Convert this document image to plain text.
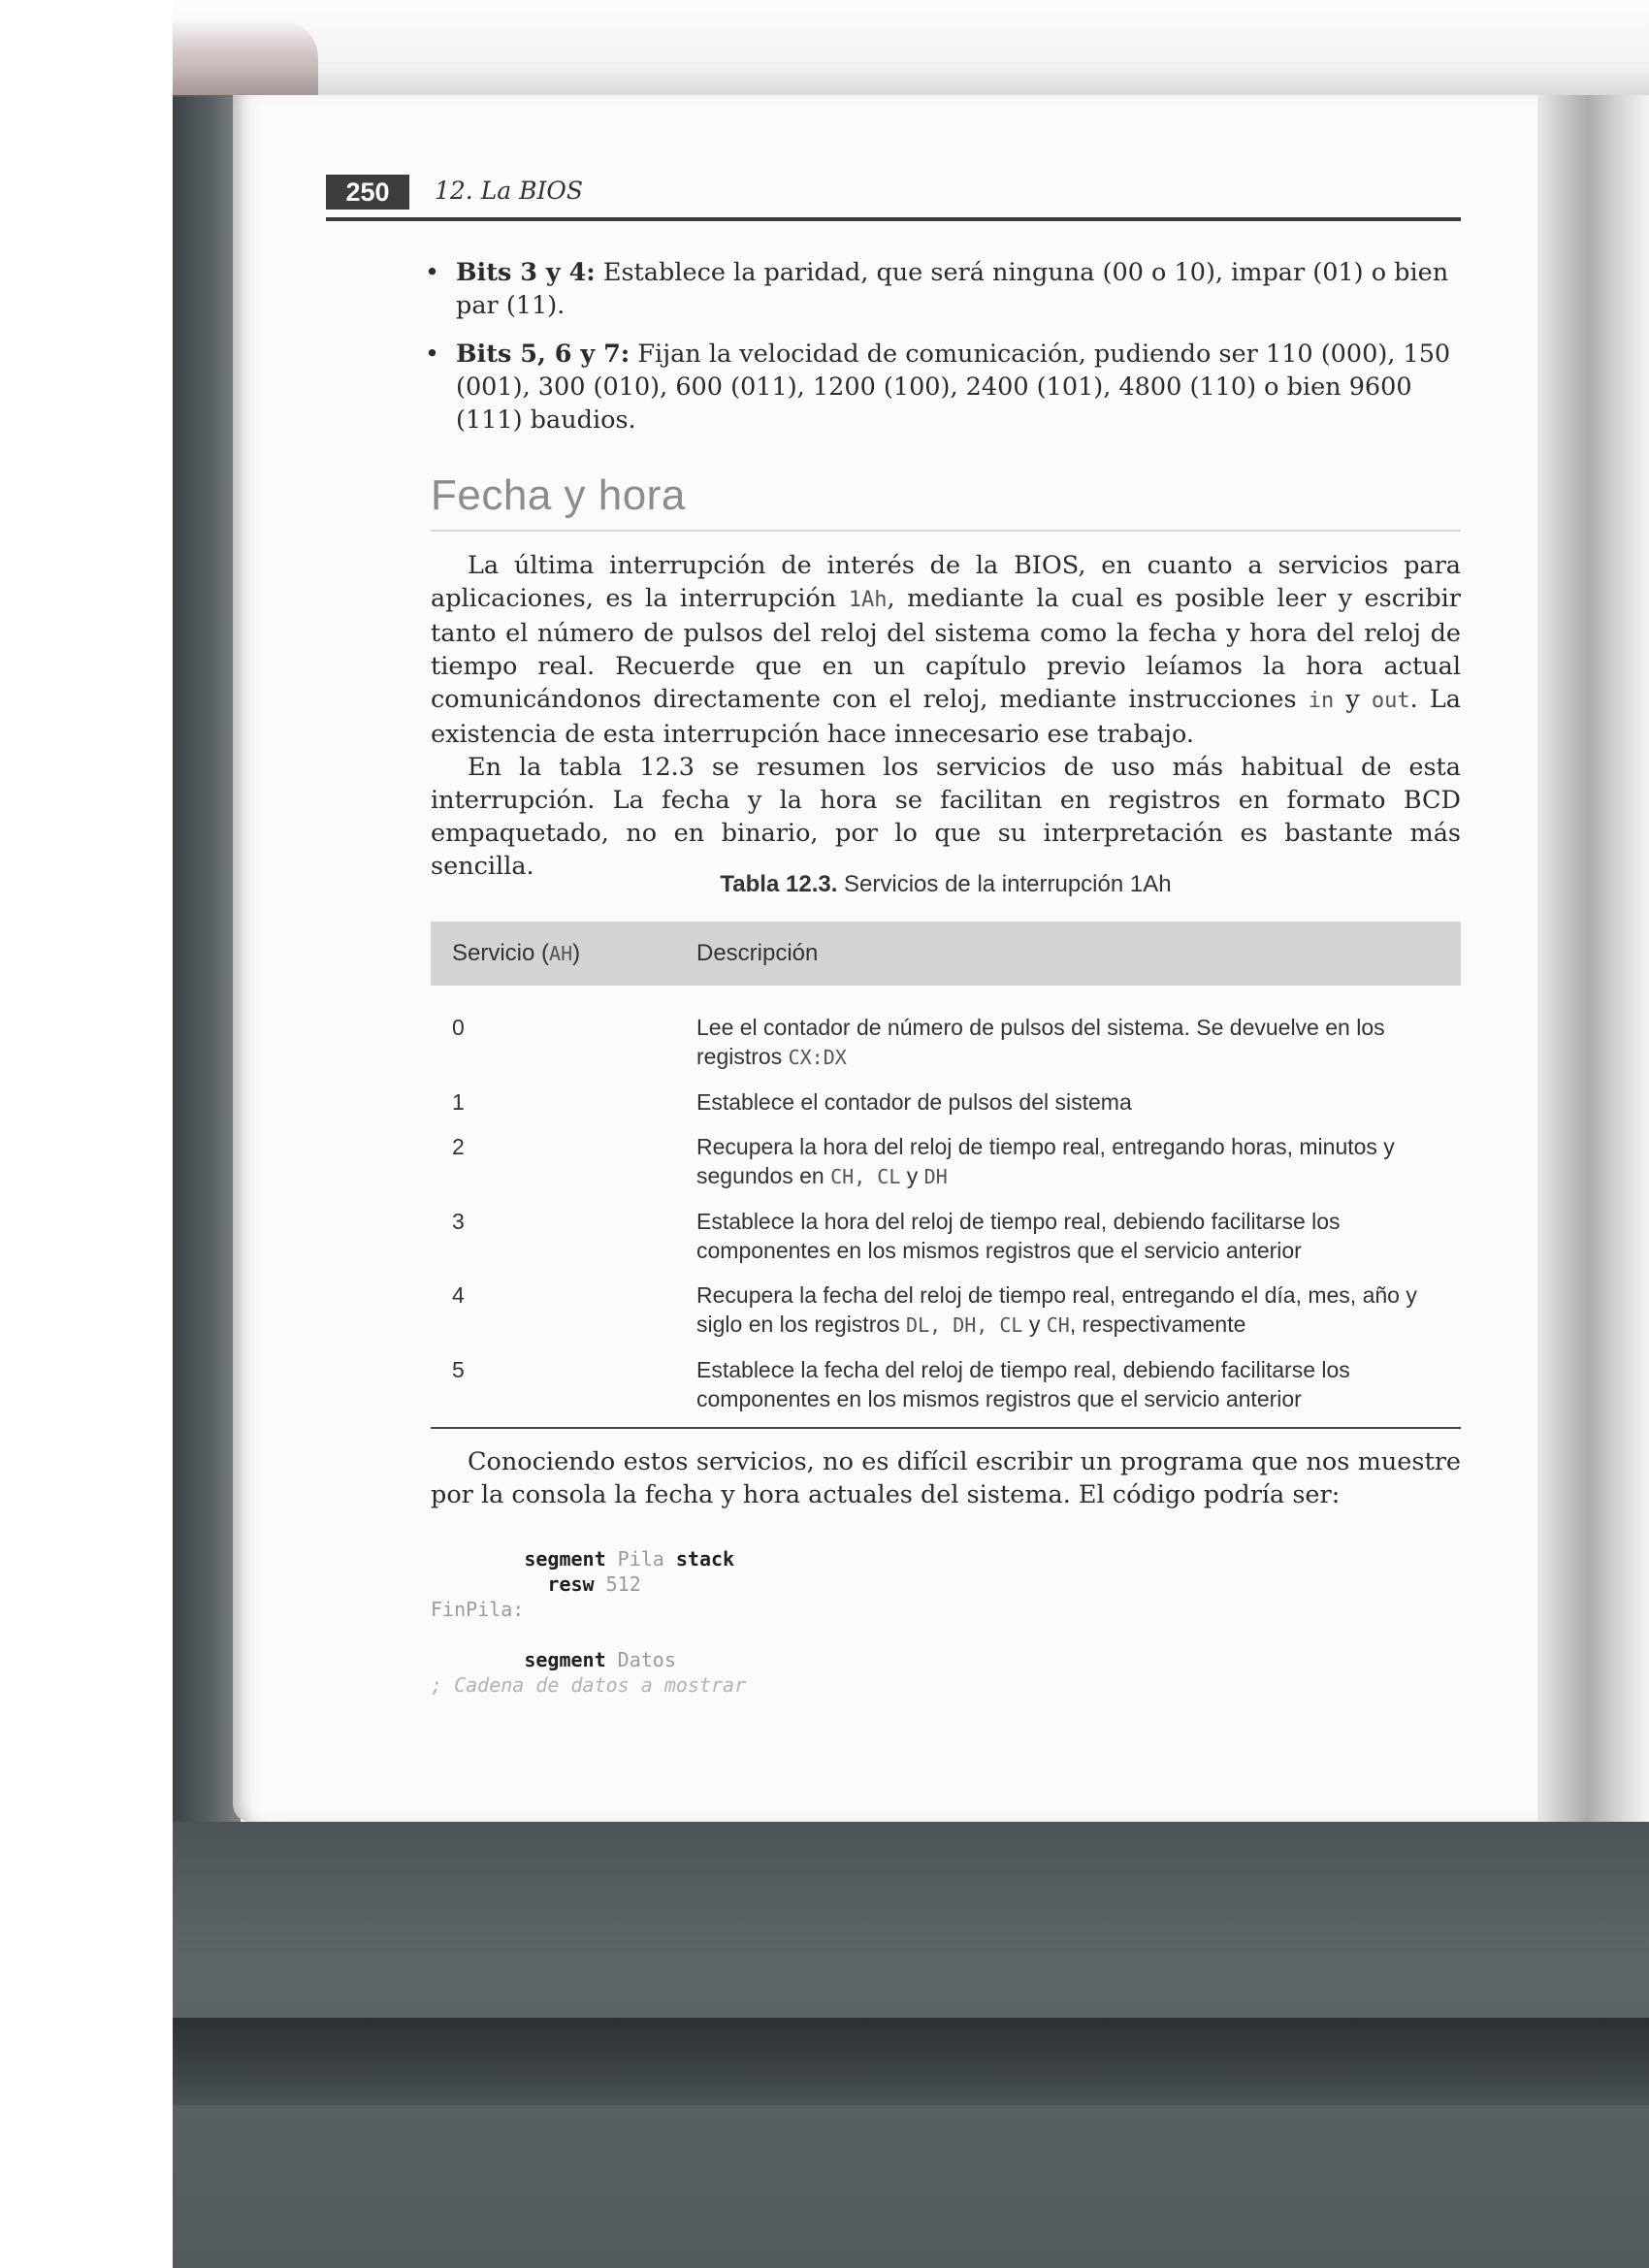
250	12. La BIOS
• Bits 3 y 4: Establece la paridad, que será ninguna (00 o 10), impar (01) o bien par (11).
• Bits 5, 6 y 7: Fijan la velocidad de comunicación, pudiendo ser 110 (000), 150 (001), 300 (010), 600 (011), 1200 (100), 2400 (101), 4800 (110) o bien 9600 (111) baudios.
Fecha y hora

La última interrupción de interés de la BIOS, en cuanto a servicios para aplicaciones, es la interrupción 1Ah, mediante la cual es posible leer y escribir tanto el número de pulsos del reloj del sistema como la fecha y hora del reloj de tiempo real. Recuerde que en un capítulo previo leíamos la hora actual comunicándonos directamente con el reloj, mediante instrucciones in y out. La existencia de esta interrupción hace innecesario ese trabajo.

En la tabla 12.3 se resumen los servicios de uso más habitual de esta interrupción. La fecha y la hora se facilitan en registros en formato BCD empaquetado, no en binario, por lo que su interpretación es bastante más sencilla.

Tabla 12.3. Servicios de la interrupción 1Ah
Servicio (AH)	Descripción
0	Lee el contador de número de pulsos del sistema. Se devuelve en los registros CX:DX
1	Establece el contador de pulsos del sistema
2	Recupera la hora del reloj de tiempo real, entregando horas, minutos y segundos en CH, CL y DH
3	Establece la hora del reloj de tiempo real, debiendo facilitarse los componentes en los mismos registros que el servicio anterior
4	Recupera la fecha del reloj de tiempo real, entregando el día, mes, año y siglo en los registros DL, DH, CL y CH, respectivamente
5	Establece la fecha del reloj de tiempo real, debiendo facilitarse los componentes en los mismos registros que el servicio anterior

Conociendo estos servicios, no es difícil escribir un programa que nos muestre por la consola la fecha y hora actuales del sistema. El código podría ser:

segment Pila stack
resw 512
FinPila:

segment Datos
; Cadena de datos a mostrar
